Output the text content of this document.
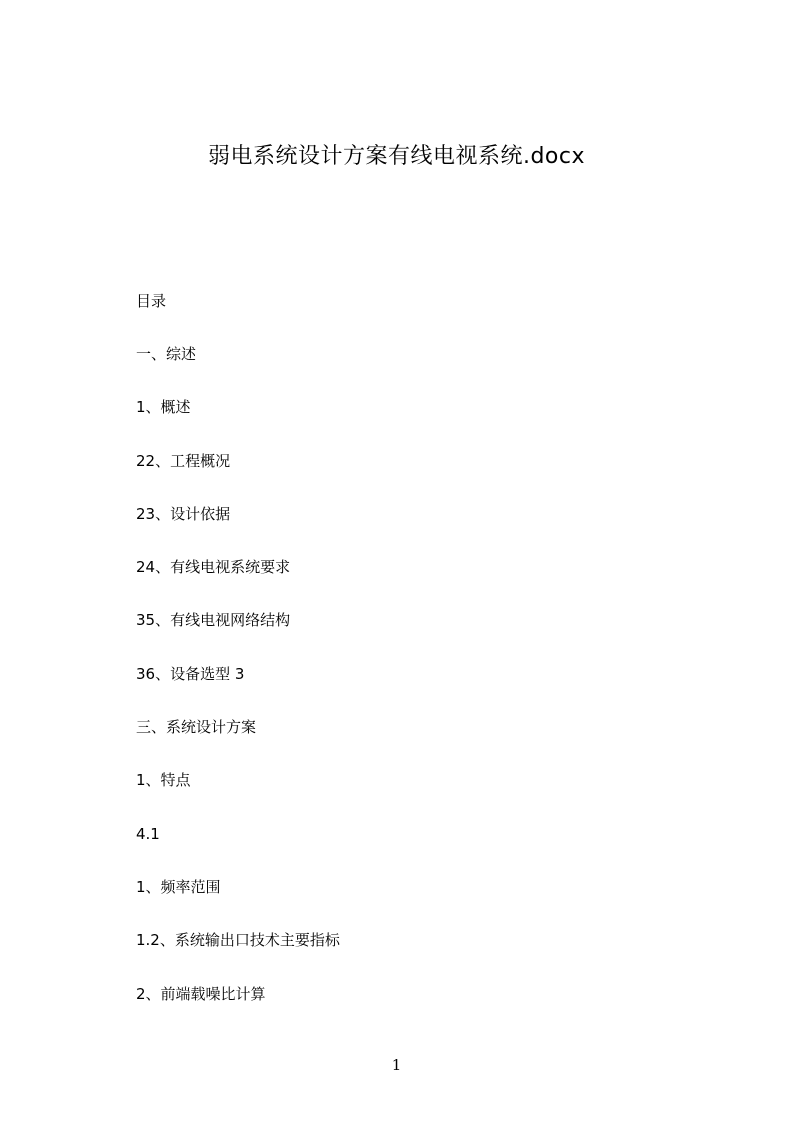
弱电系统设计方案有线电视系统.docx
目录
一、综述
1、概述
22、工程概况
23、设计依据
24、有线电视系统要求
35、有线电视网络结构
36、设备选型 3
三、系统设计方案
1、特点
4.1
1、频率范围
1.2、系统输出口技术主要指标
2、前端载噪比计算
1
